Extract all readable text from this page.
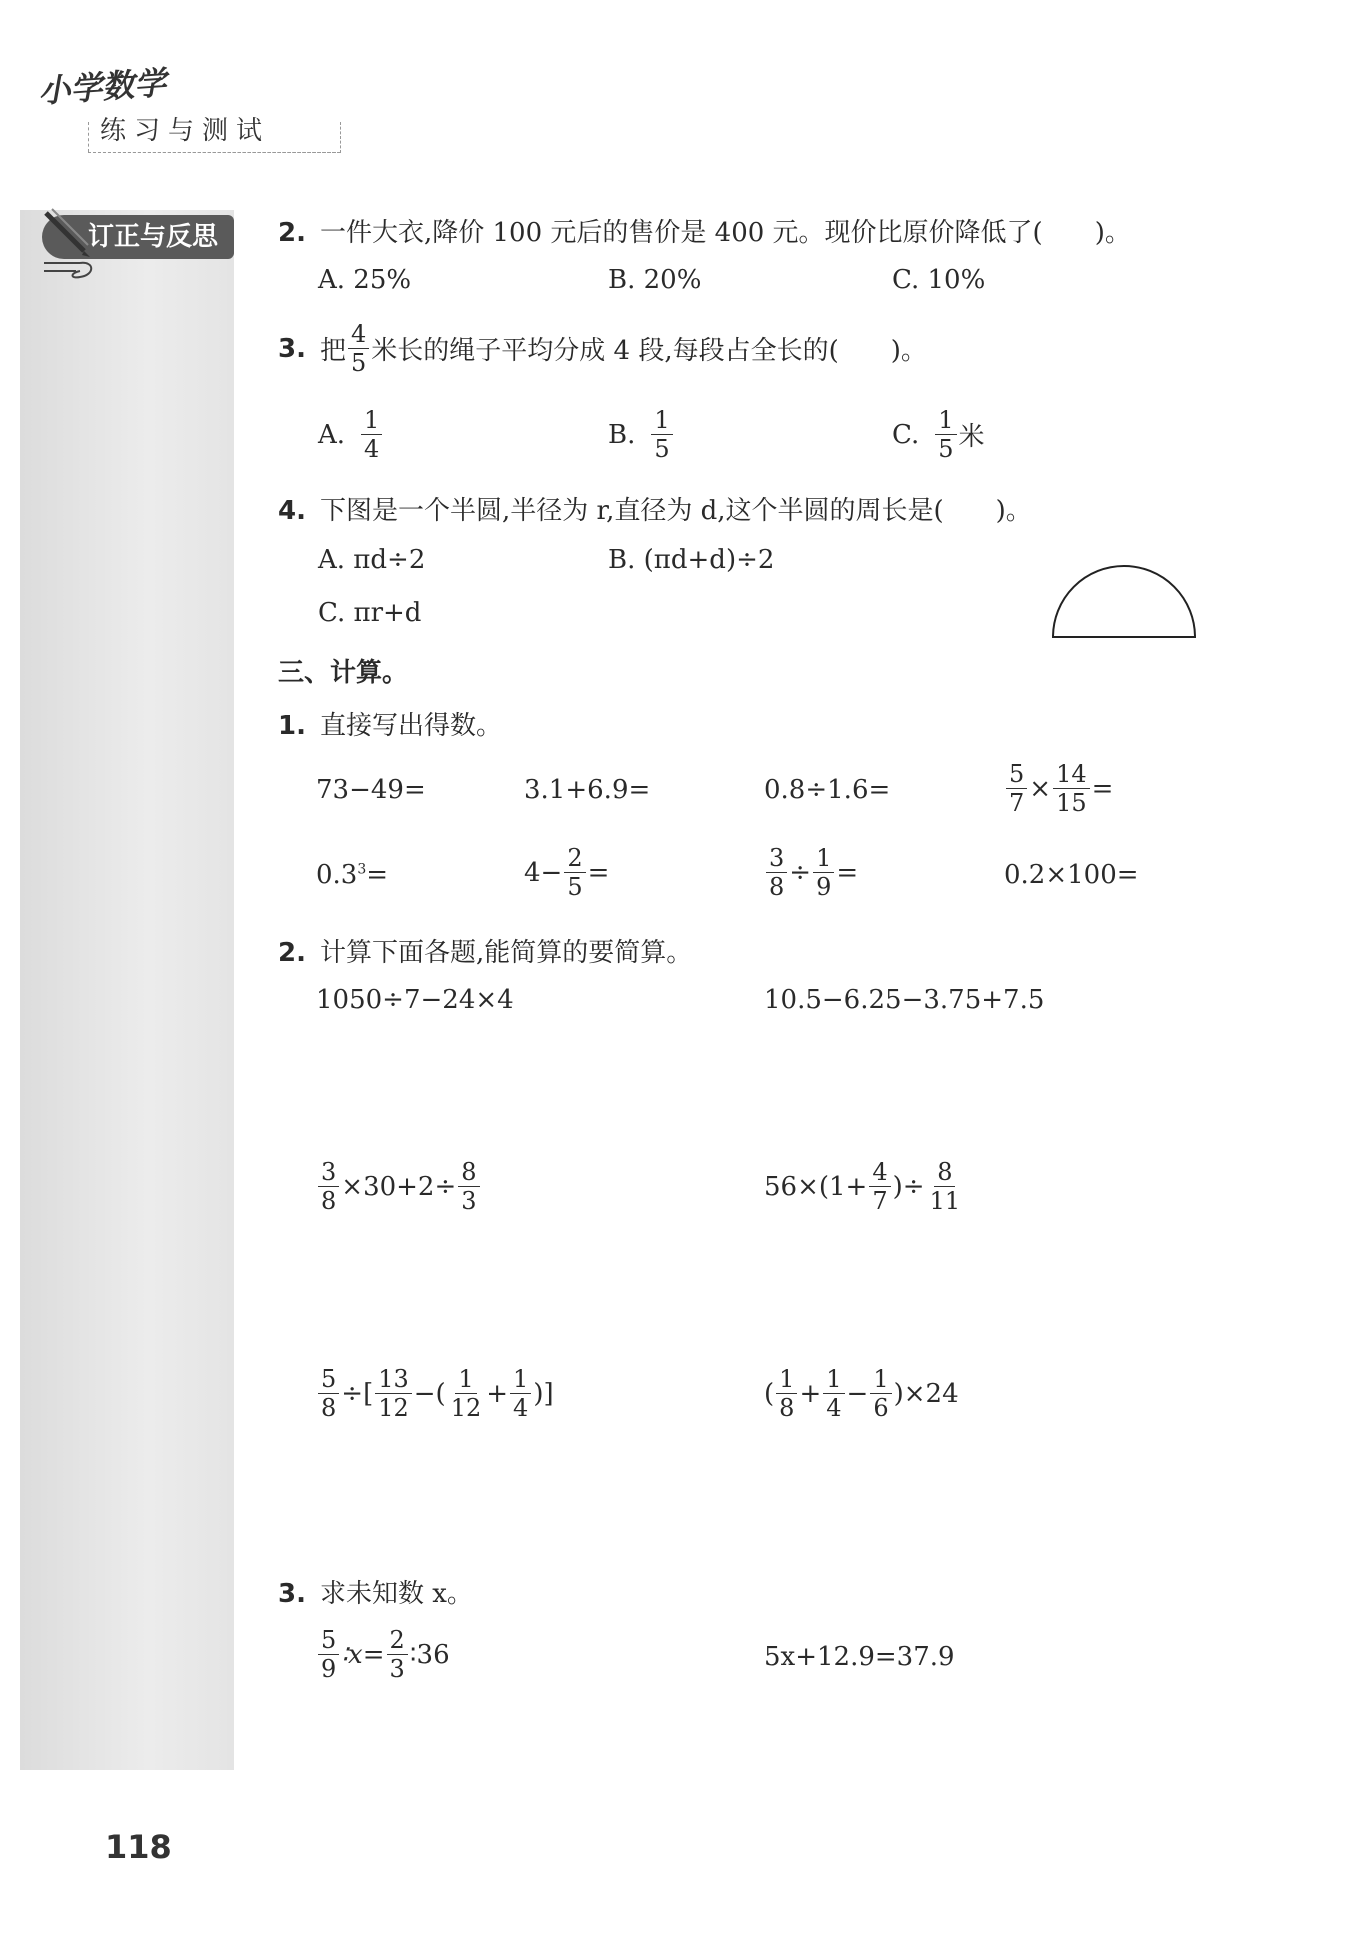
小学数学
练习与测试
订正与反思	2. 一件大衣,降价 100 元后的售价是 400 元。现价比原价降低了(　　)。
A. 25%	B. 20%	C. 10%
3. 把 $\frac{4}{5}$ 米长的绳子平均分成 4 段,每段占全长的(　　)。
A. $\frac{1}{4}$	B. $\frac{1}{5}$	C. $\frac{1}{5}$ 米
4. 下图是一个半圆,半径为 r,直径为 d,这个半圆的周长是(　　)。
A. πd÷2	B. (πd+d)÷2
C. πr+d
三、计算。
1. 直接写出得数。
73−49=	3.1+6.9=	0.8÷1.6=	$\frac{5}{7} \times \frac{14}{15}$ =
$0.3^3=$	$4- \frac{2}{5}$ =	$\frac{3}{8} \div \frac{1}{9}$ =	0.2×100=
2. 计算下面各题,能简算的要简算。
1050÷7−24×4	10.5−6.25−3.75+7.5
$\frac{3}{8} \times 30+2\div \frac{8}{3}$	$56\times(1+ \frac{4}{7}$ )÷ $\frac{8}{11}$
$\frac{5}{8}$ ÷[ $\frac{13}{12}$ −( $\frac{1}{12} + \frac{1}{4}$ )]	( $\frac{1}{8} + \frac{1}{4} - \frac{1}{6} )\times 24$
3. 求未知数 x。
$\frac{5}{9}$ ∶x= $\frac{2}{3}$ ∶36	5x+12.9=37.9
118
